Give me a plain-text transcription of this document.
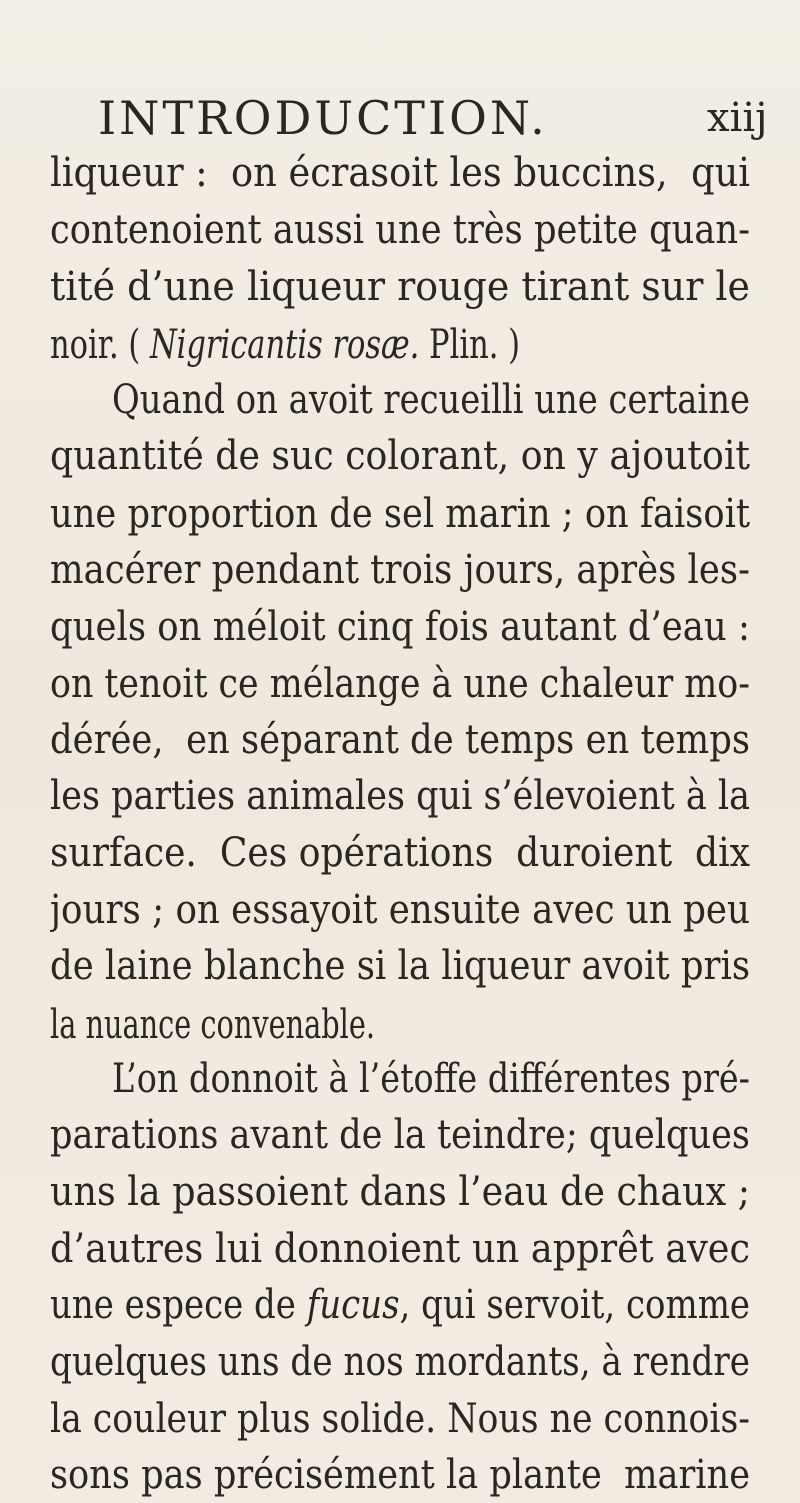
INTRODUCTION.	xiij
liqueur :  on écrasoit les buccins,  qui
contenoient aussi une très petite quan-
tité d’une liqueur rouge tirant sur le
noir. ( Nigricantis rosæ. Plin. )
Quand on avoit recueilli une certaine
quantité de suc colorant, on y ajoutoit
une proportion de sel marin ; on faisoit
macérer pendant trois jours, après les-
quels on méloit cinq fois autant d’eau :
on tenoit ce mélange à une chaleur mo-
dérée,  en séparant de temps en temps
les parties animales qui s’élevoient à la
surface.  Ces opérations  duroient  dix
jours ; on essayoit ensuite avec un peu
de laine blanche si la liqueur avoit pris
la nuance convenable.
L’on donnoit à l’étoffe différentes pré-
parations avant de la teindre; quelques
uns la passoient dans l’eau de chaux ;
d’autres lui donnoient un apprêt avec
une espece de fucus, qui servoit, comme
quelques uns de nos mordants, à rendre
la couleur plus solide. Nous ne connois-
sons pas précisément la plante  marine
